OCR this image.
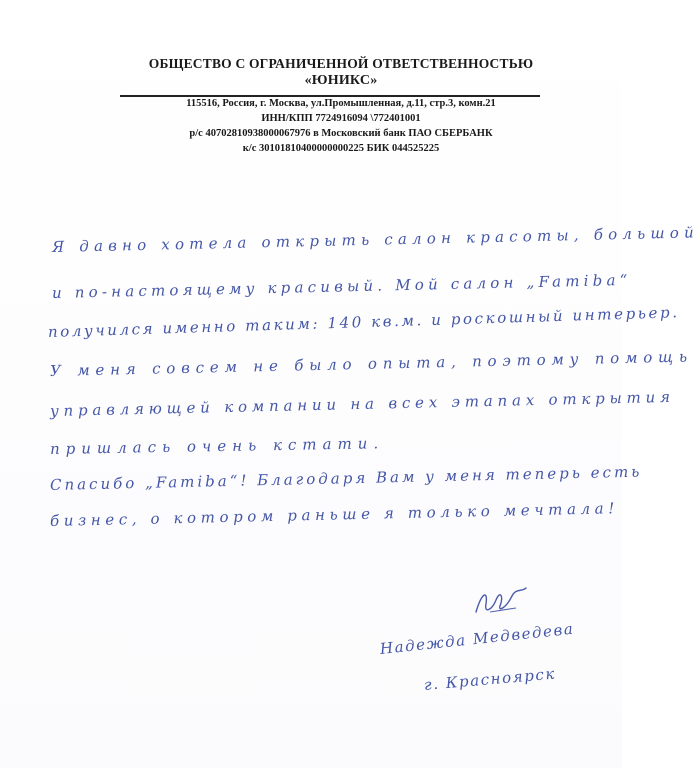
ОБЩЕСТВО С ОГРАНИЧЕННОЙ ОТВЕТСТВЕННОСТЬЮ
«ЮНИКС»
115516, Россия, г. Москва, ул.Промышленная, д.11, стр.3, комн.21
ИНН/КПП 7724916094 \772401001
р/с 40702810938000067976 в Московский банк ПАО СБЕРБАНК
к/с 30101810400000000225 БИК 044525225
Я давно хотела открыть салон красоты, большой
и по-настоящему красивый. Мой салон „Famiba“
получился именно таким: 140 кв.м. и роскошный интерьер.
У меня совсем не было опыта, поэтому помощь
управляющей компании на всех этапах открытия
пришлась очень кстати.
Спасибо „Famiba“! Благодаря Вам у меня теперь есть
бизнес, о котором раньше я только мечтала!
Надежда Медведева
г. Красноярск
